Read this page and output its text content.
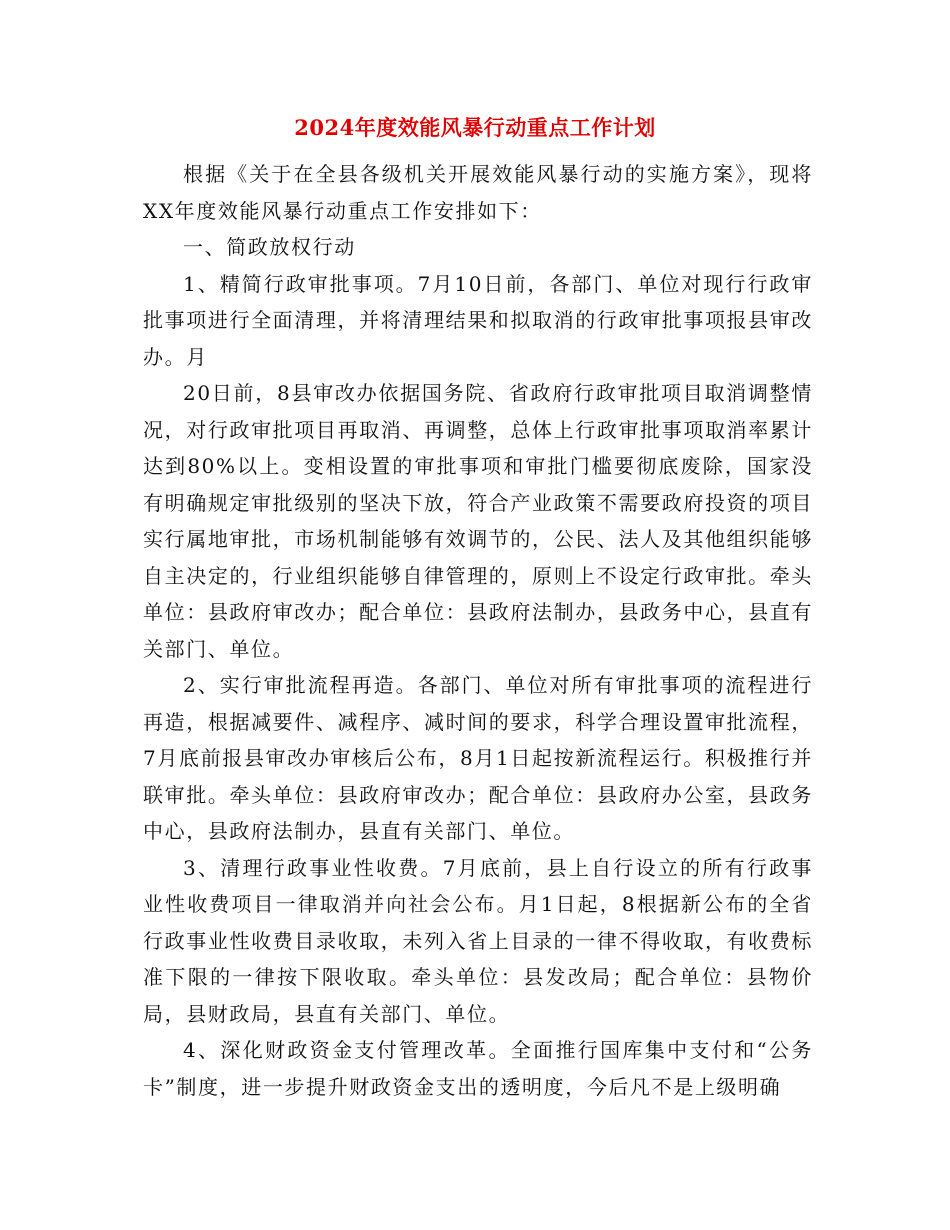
2024年度效能风暴行动重点工作计划

根据《关于在全县各级机关开展效能风暴行动的实施方案》，现将XX年度效能风暴行动重点工作安排如下：

一、简政放权行动

1、精简行政审批事项。7月10日前，各部门、单位对现行行政审批事项进行全面清理，并将清理结果和拟取消的行政审批事项报县审改办。月

20日前，8县审改办依据国务院、省政府行政审批项目取消调整情况，对行政审批项目再取消、再调整，总体上行政审批事项取消率累计达到80%以上。变相设置的审批事项和审批门槛要彻底废除，国家没有明确规定审批级别的坚决下放，符合产业政策不需要政府投资的项目实行属地审批，市场机制能够有效调节的，公民、法人及其他组织能够自主决定的，行业组织能够自律管理的，原则上不设定行政审批。牵头单位：县政府审改办；配合单位：县政府法制办，县政务中心，县直有关部门、单位。

2、实行审批流程再造。各部门、单位对所有审批事项的流程进行再造，根据减要件、减程序、减时间的要求，科学合理设置审批流程，7月底前报县审改办审核后公布，8月1日起按新流程运行。积极推行并联审批。牵头单位：县政府审改办；配合单位：县政府办公室，县政务中心，县政府法制办，县直有关部门、单位。

3、清理行政事业性收费。7月底前，县上自行设立的所有行政事业性收费项目一律取消并向社会公布。月1日起，8根据新公布的全省行政事业性收费目录收取，未列入省上目录的一律不得收取，有收费标准下限的一律按下限收取。牵头单位：县发改局；配合单位：县物价局，县财政局，县直有关部门、单位。

4、深化财政资金支付管理改革。全面推行国库集中支付和“公务卡”制度，进一步提升财政资金支出的透明度，今后凡不是上级明确
